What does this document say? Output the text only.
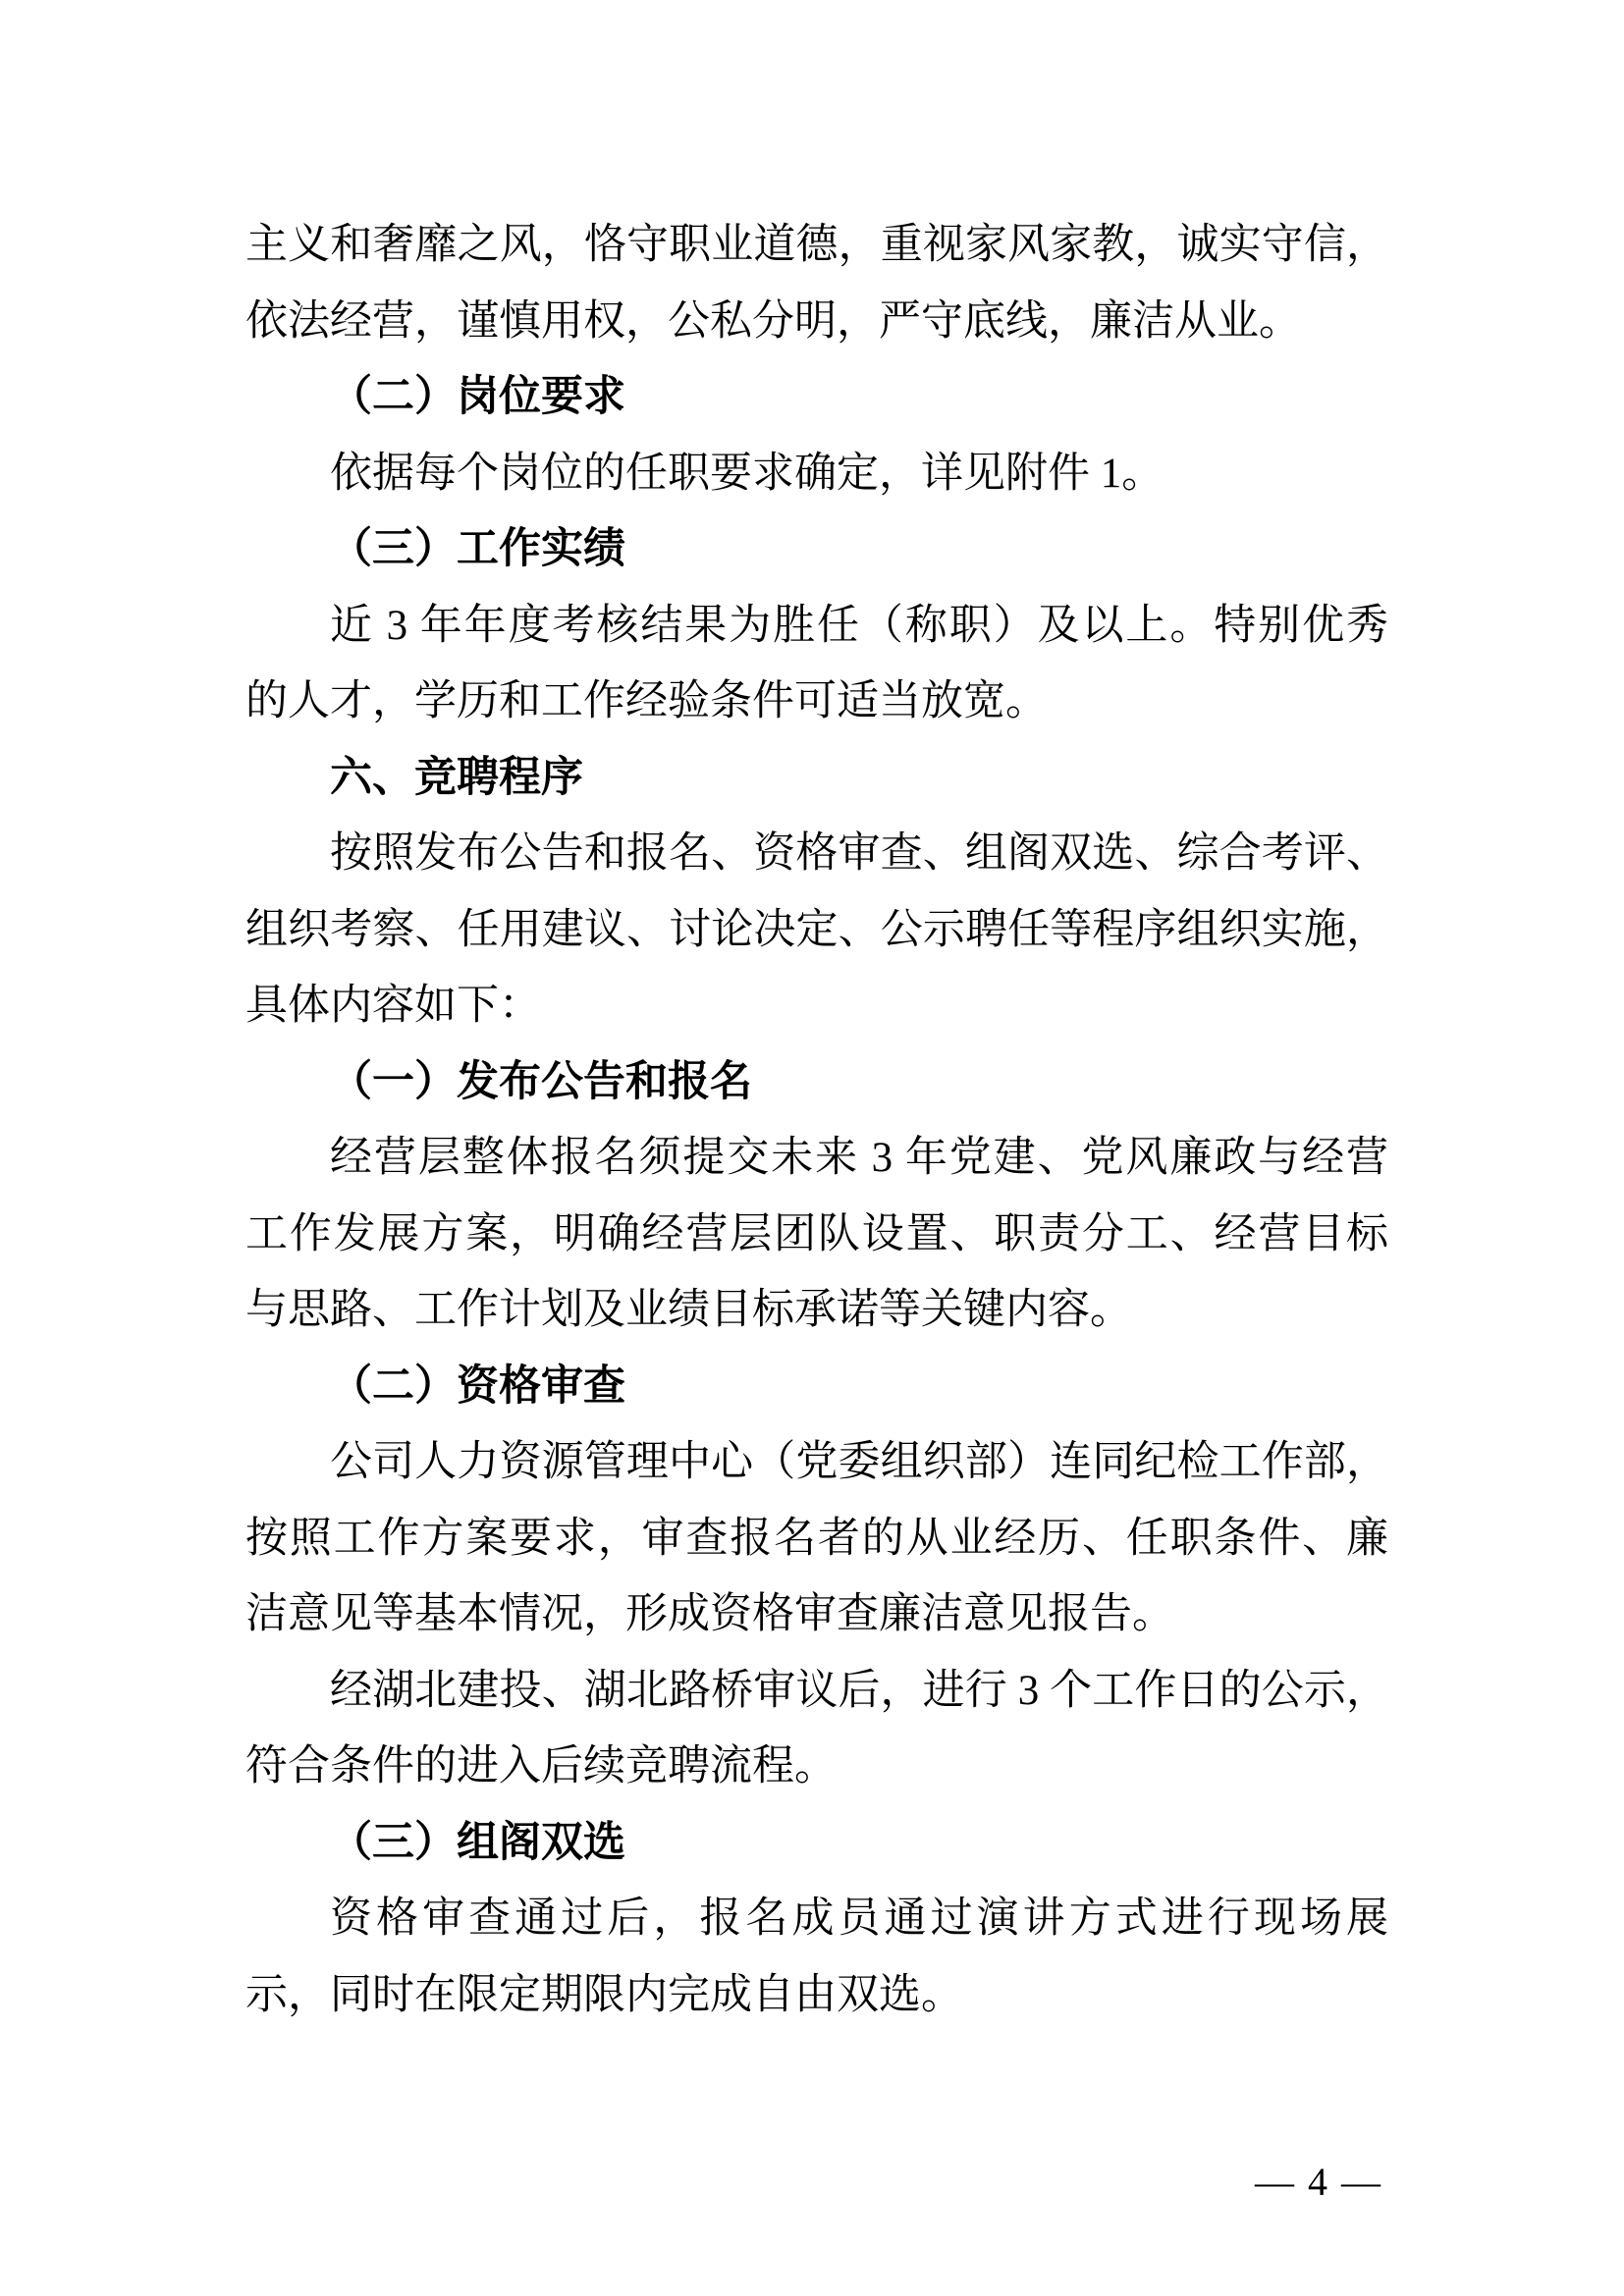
主义和奢靡之风，恪守职业道德，重视家风家教，诚实守信，
依法经营，谨慎用权，公私分明，严守底线，廉洁从业。
（二）岗位要求
依据每个岗位的任职要求确定，详见附件 1。
（三）工作实绩
近 3 年年度考核结果为胜任（称职）及以上。特别优秀
的人才，学历和工作经验条件可适当放宽。
六、竞聘程序
按照发布公告和报名、资格审查、组阁双选、综合考评、
组织考察、任用建议、讨论决定、公示聘任等程序组织实施，
具体内容如下：
（一）发布公告和报名
经营层整体报名须提交未来 3 年党建、党风廉政与经营
工作发展方案，明确经营层团队设置、职责分工、经营目标
与思路、工作计划及业绩目标承诺等关键内容。
（二）资格审查
公司人力资源管理中心（党委组织部）连同纪检工作部，
按照工作方案要求，审查报名者的从业经历、任职条件、廉
洁意见等基本情况，形成资格审查廉洁意见报告。
经湖北建投、湖北路桥审议后，进行 3 个工作日的公示，
符合条件的进入后续竞聘流程。
（三）组阁双选
资格审查通过后，报名成员通过演讲方式进行现场展
示，同时在限定期限内完成自由双选。
— 4 —
